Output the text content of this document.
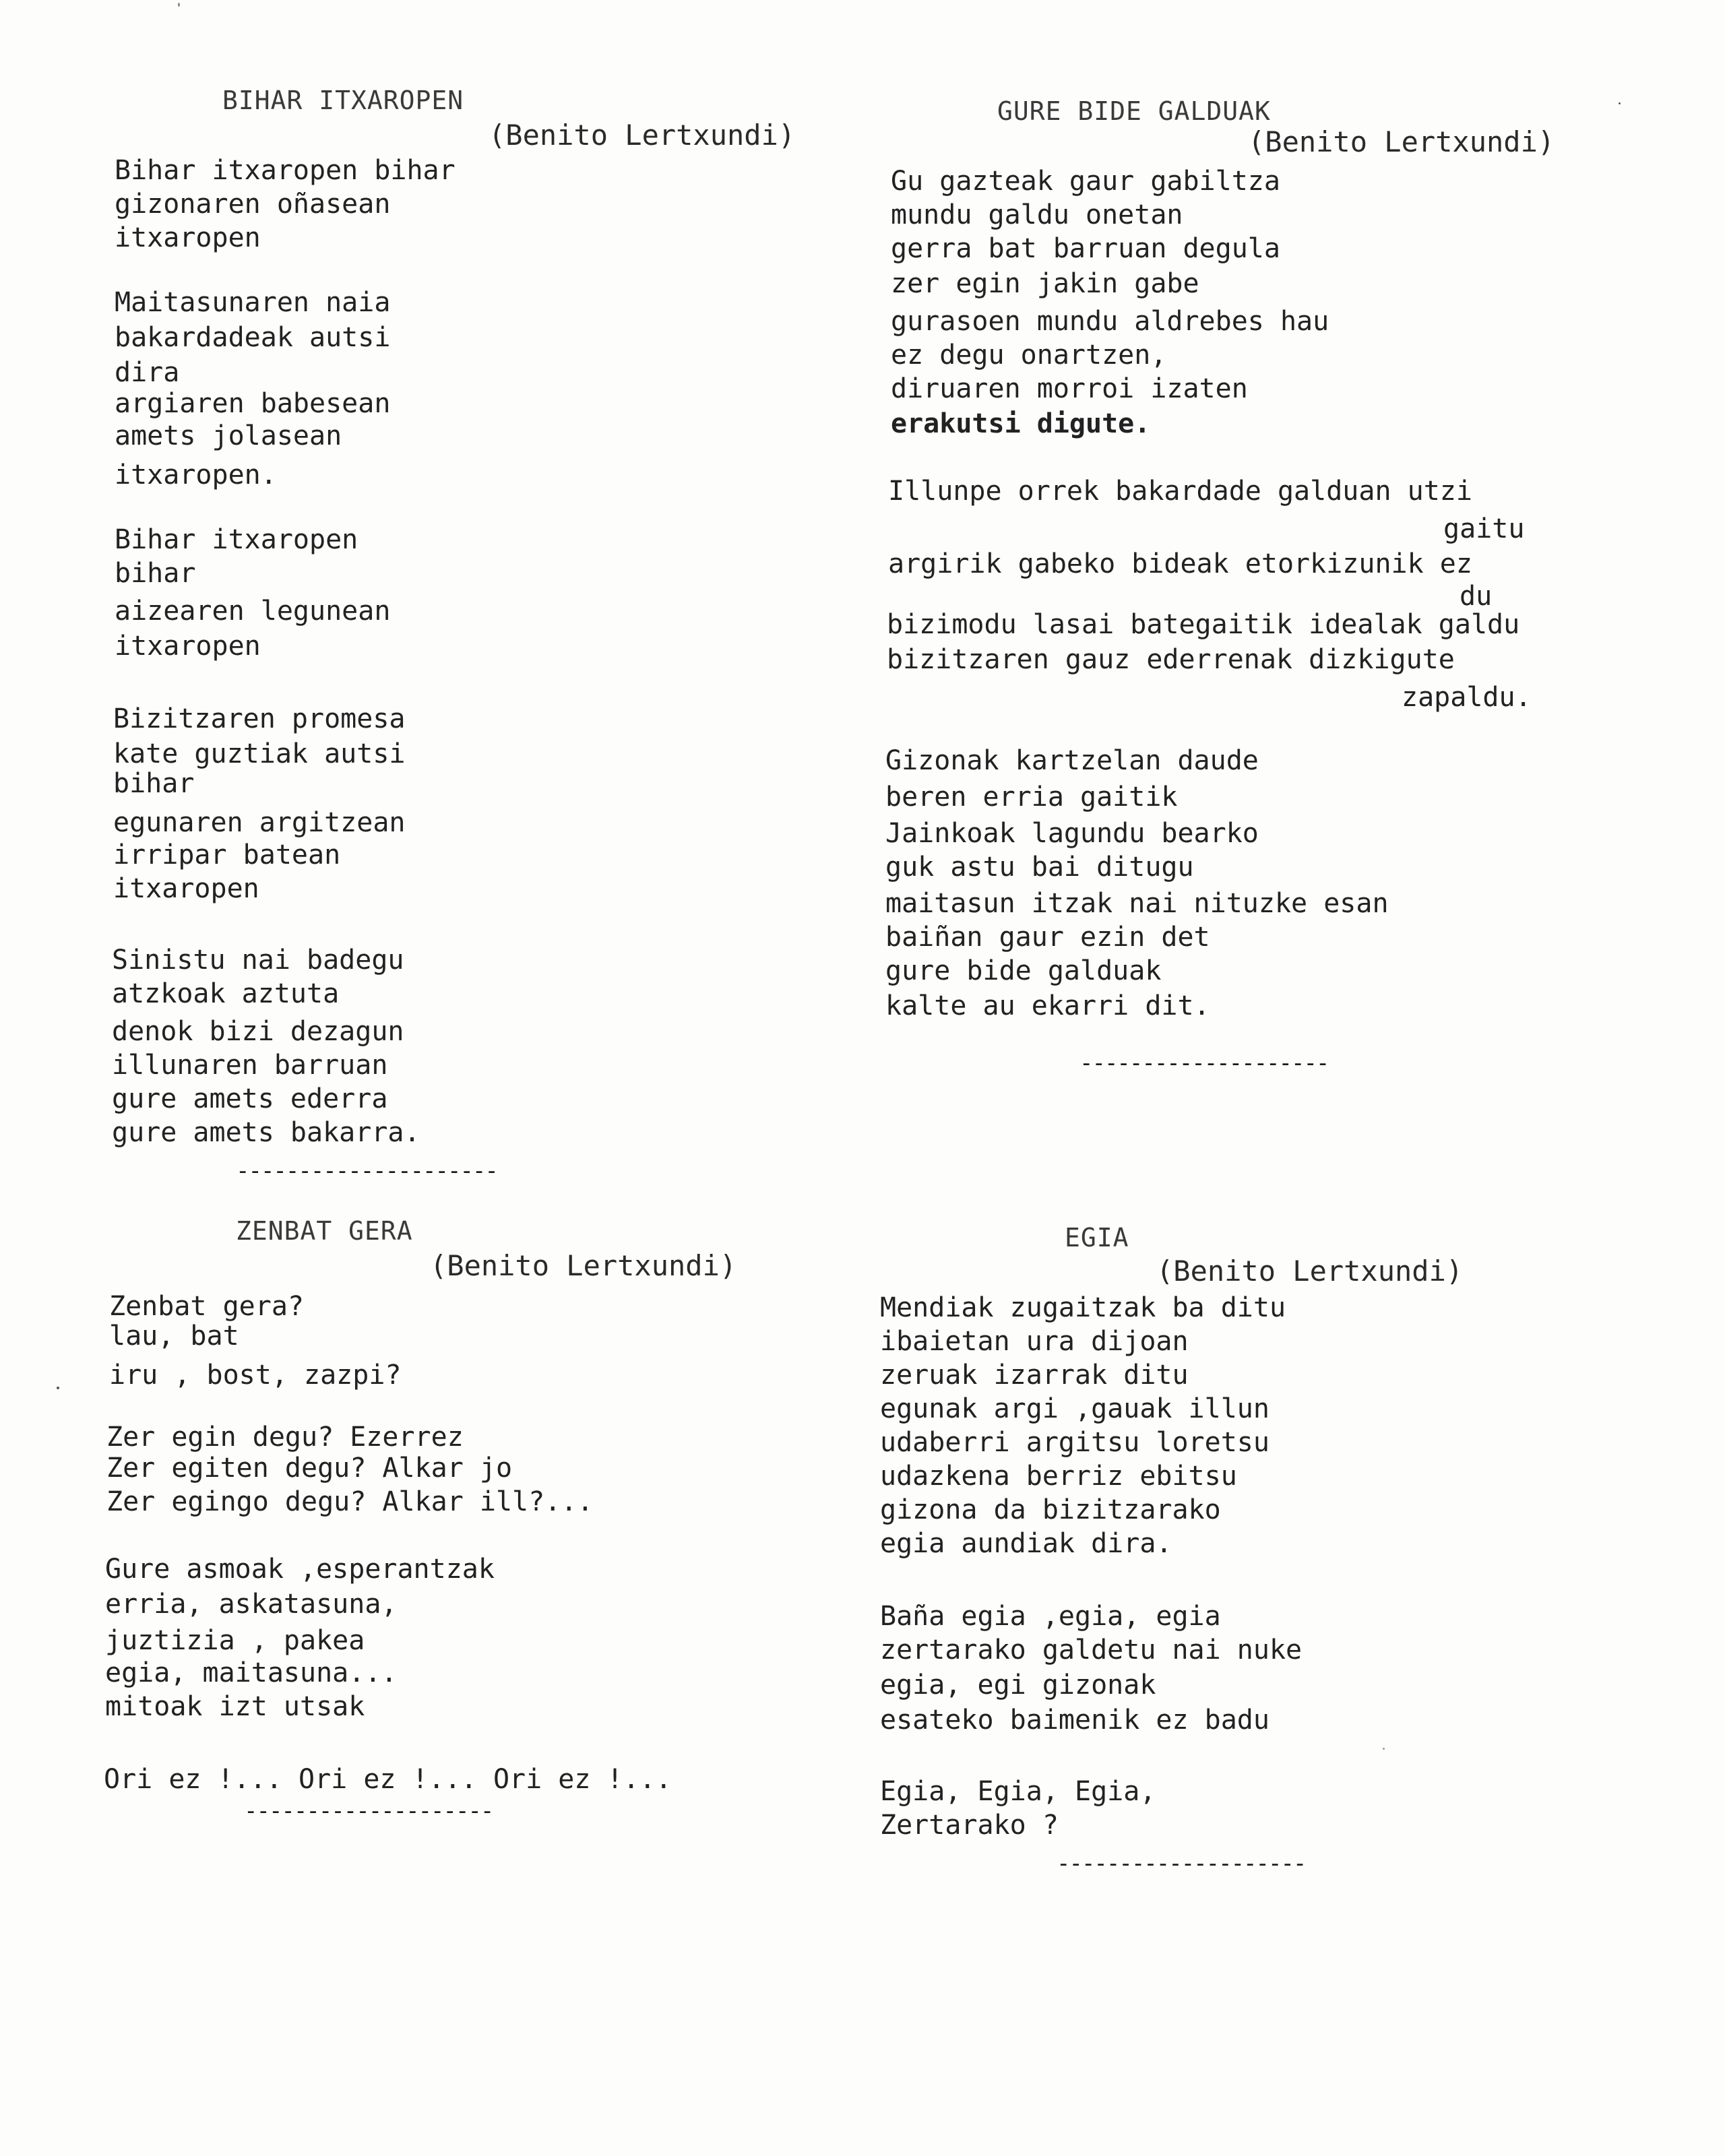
BIHAR ITXAROPEN
(Benito Lertxundi)
Bihar itxaropen bihar
gizonaren oñasean
itxaropen
Maitasunaren naia
bakardadeak autsi
dira
argiaren babesean
amets jolasean
itxaropen.
Bihar itxaropen
bihar
aizearen legunean
itxaropen
Bizitzaren promesa
kate guztiak autsi
bihar
egunaren argitzean
irripar batean
itxaropen
Sinistu nai badegu
atzkoak aztuta
denok bizi dezagun
illunaren barruan
gure amets ederra
gure amets bakarra.
---------------------
GURE BIDE GALDUAK
(Benito Lertxundi)
Gu gazteak gaur gabiltza
mundu galdu onetan
gerra bat barruan degula
zer egin jakin gabe
gurasoen mundu aldrebes hau
ez degu onartzen,
diruaren morroi izaten
erakutsi digute.
Illunpe orrek bakardade galduan utzi
gaitu
argirik gabeko bideak etorkizunik ez
du
bizimodu lasai bategaitik idealak galdu
bizitzaren gauz ederrenak dizkigute
zapaldu.
Gizonak kartzelan daude
beren erria gaitik
Jainkoak lagundu bearko
guk astu bai ditugu
maitasun itzak nai nituzke esan
baiñan gaur ezin det
gure bide galduak
kalte au ekarri dit.
--------------------
ZENBAT GERA
(Benito Lertxundi)
Zenbat gera?
lau, bat
iru , bost, zazpi?
Zer egin degu? Ezerrez
Zer egiten degu? Alkar jo
Zer egingo degu? Alkar ill?...
Gure asmoak ,esperantzak
erria, askatasuna,
juztizia , pakea
egia, maitasuna...
mitoak izt utsak
Ori ez !... Ori ez !... Ori ez !...
--------------------
EGIA
(Benito Lertxundi)
Mendiak zugaitzak ba ditu
ibaietan ura dijoan
zeruak izarrak ditu
egunak argi ,gauak illun
udaberri argitsu loretsu
udazkena berriz ebitsu
gizona da bizitzarako
egia aundiak dira.
Baña egia ,egia, egia
zertarako galdetu nai nuke
egia, egi gizonak
esateko baimenik ez badu
Egia, Egia, Egia,
Zertarako ?
--------------------
